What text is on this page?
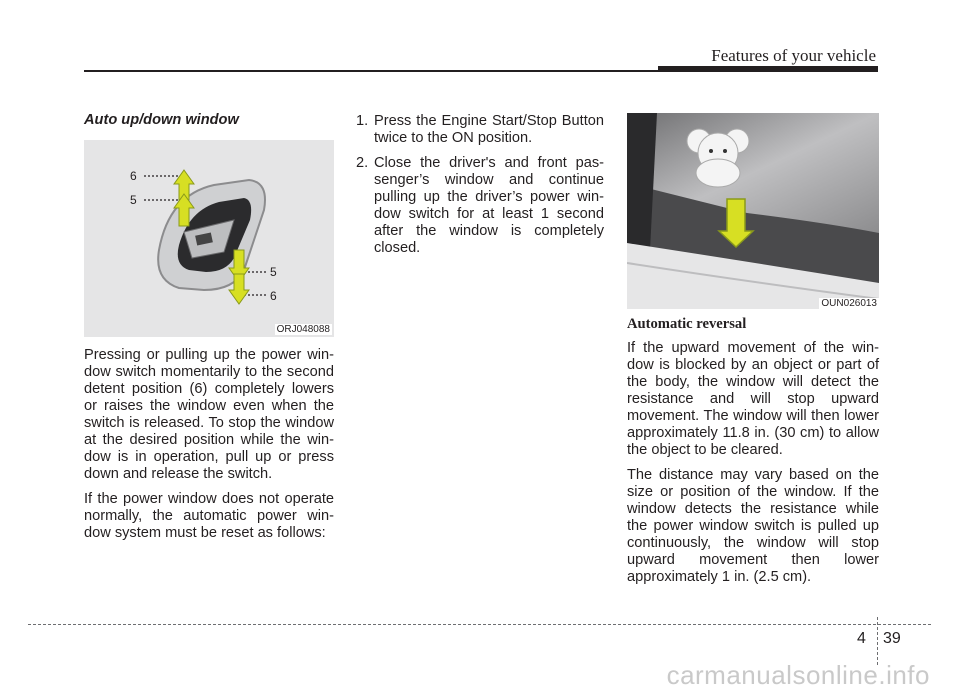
Features of your vehicle

Auto up/down window

6
5
5
6
ORJ048088

Pressing or pulling up the power win-dow switch momentarily to the second detent position (6) completely lowers or raises the window even when the switch is released. To stop the window at the desired position while the win-dow is in operation, pull up or press down and release the switch.

If the power window does not operate normally, the automatic power win-dow system must be reset as follows:

1. Press the Engine Start/Stop Button twice to the ON position.
2. Close the driver's and front pas-senger’s window and continue pulling up the driver’s power win-dow switch for at least 1 second after the window is completely closed.
OUN026013

Automatic reversal

If the upward movement of the win-dow is blocked by an object or part of the body, the window will detect the resistance and will stop upward movement. The window will then lower approximately 11.8 in. (30 cm) to allow the object to be cleared.

The distance may vary based on the size or position of the window. If the window detects the resistance while the power window switch is pulled up continuously, the window will stop upward movement then lower approximately 1 in. (2.5 cm).

4 39
carmanualsonline.info
